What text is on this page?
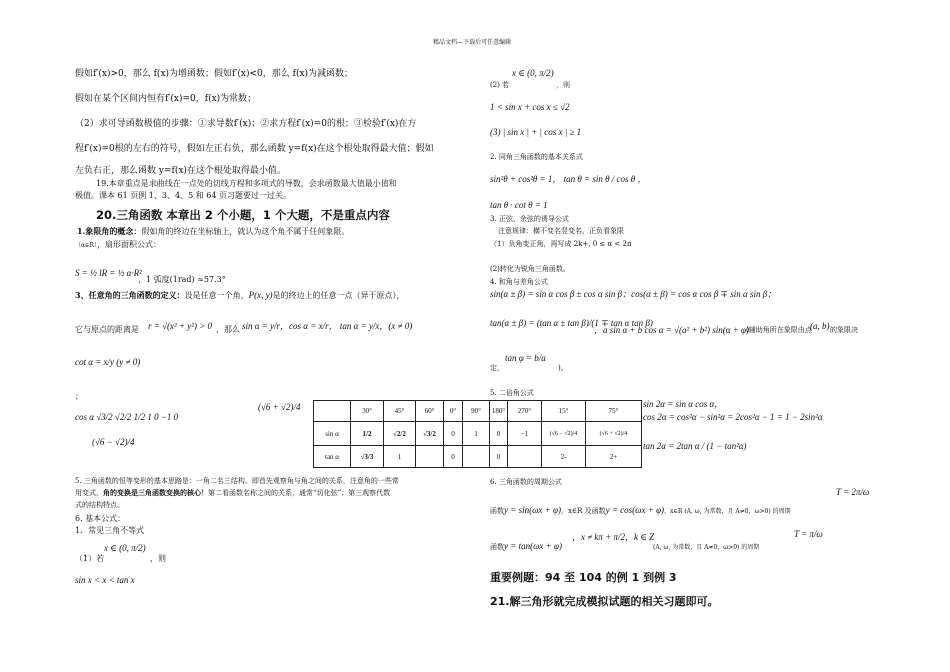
精品文档---下载后可任意编辑
假如f′(x)>0，那么 f(x)为增函数；假如f′(x)<0，那么 f(x)为减函数；
假如在某个区间内恒有f′(x)=0，f(x)为常数；
（2）求可导函数极值的步骤：①求导数f′(x)；②求方程f′(x)=0的根；③检验f′(x)在方
程f′(x)=0根的左右的符号，假如左正右负，那么函数 y=f(x)在这个根处取得最大值；假如
左负右正，那么函数 y=f(x)在这个根处取得最小值。
19.本章重点是求曲线在一点处的切线方程和多项式的导数，会求函数最大值最小值和
极值。课本 61 页例 1、3、4、5 和 64 页习题要过一过关。
20.三角函数 本章出 2 个小题，1 个大题，不是重点内容
1.象限角的概念：假如角的终边在坐标轴上，就认为这个角不属于任何象限。
（α∈R），扇形面积公式：
S = ½ lR = ½ α·R²
，1 弧度(1rad) ≈57.3°
3、任意角的三角函数的定义：设是任意一个角，P(x, y)是的终边上的任意一点（异于原点），
它与原点的距离是 r = √(x² + y²) > 0 ，那么 sin α = y/r，cos α = x/r， tan α = y/x，(x ≠ 0)
cot α = x/y (y ≠ 0)
；
cos α √3/2 √2/2 1/2 1 0 −1 0
(√6 + √2)/4
		30°	45°	60°	0°	90°	180°	270°	15°	75°
sin α	1/2	√2/2	√3/2	0	1	0	−1	(√6 − √2)/4	(√6 + √2)/4
tan α	√3/3	1		0		0		2-	2+
(√6 − √2)/4
5. 三角函数的恒等变形的基本思路是：一角二名三结构。即首先观察角与角之间的关系，注意角的一些常
用变式，角的变换是三角函数变换的核心！第二看函数名称之间的关系，通常“切化弦”；第三观察代数
式的结构特点。
6. 基本公式：
1．常见三角不等式
（1）若
x ∈ (0, π/2)
，则
sin x < x < tan x
(2) 若
x ∈ (0, π/2)
，则
1 < sin x + cos x ≤ √2
(3) | sin x | + | cos x | ≥ 1
2. 同角三角函数的基本关系式
sin²θ + cos²θ = 1， tan θ = sin θ / cos θ ，
tan θ · cot θ = 1
3. 正弦、余弦的诱导公式
注意规律：横不变名竖变名，正负看象限
（1）负角变正角，再写成 2k+, 0 ≤ α < 2π
(2)转化为锐角三角函数。
4. 和角与差角公式
sin(α ± β) = sin α cos β ± cos α sin β；cos(α ± β) = cos α cos β ∓ sin α sin β；
tan(α ± β) = (tan α ± tan β)/(1 ∓ tan α tan β)
，a sin α + b cos α = √(a² + b²) sin(α + φ)
(辅助角所在象限由点
(a, b) 的象限决
定，
tan φ = b/a
)。
5. 二倍角公式
sin 2α = sin α cos α，
cos 2α = cos²α − sin²α = 2cos²α − 1 = 1 − 2sin²α
tan 2α = 2tan α / (1 − tan²α)
6. 三角函数的周期公式
函数y = sin(ωx + φ)，x∈R 及函数y = cos(ωx + φ)，x∈R (A, ω, 为常数，且 A≠0，ω>0) 的周期
T = 2π/ω
函数y = tan(ωx + φ)
，x ≠ kπ + π/2，k ∈ Z
(A, ω, 为常数，且 A≠0，ω>0) 的周期
T = π/ω
重要例题：94 至 104 的例 1 到例 3
21.解三角形就完成模拟试题的相关习题即可。
